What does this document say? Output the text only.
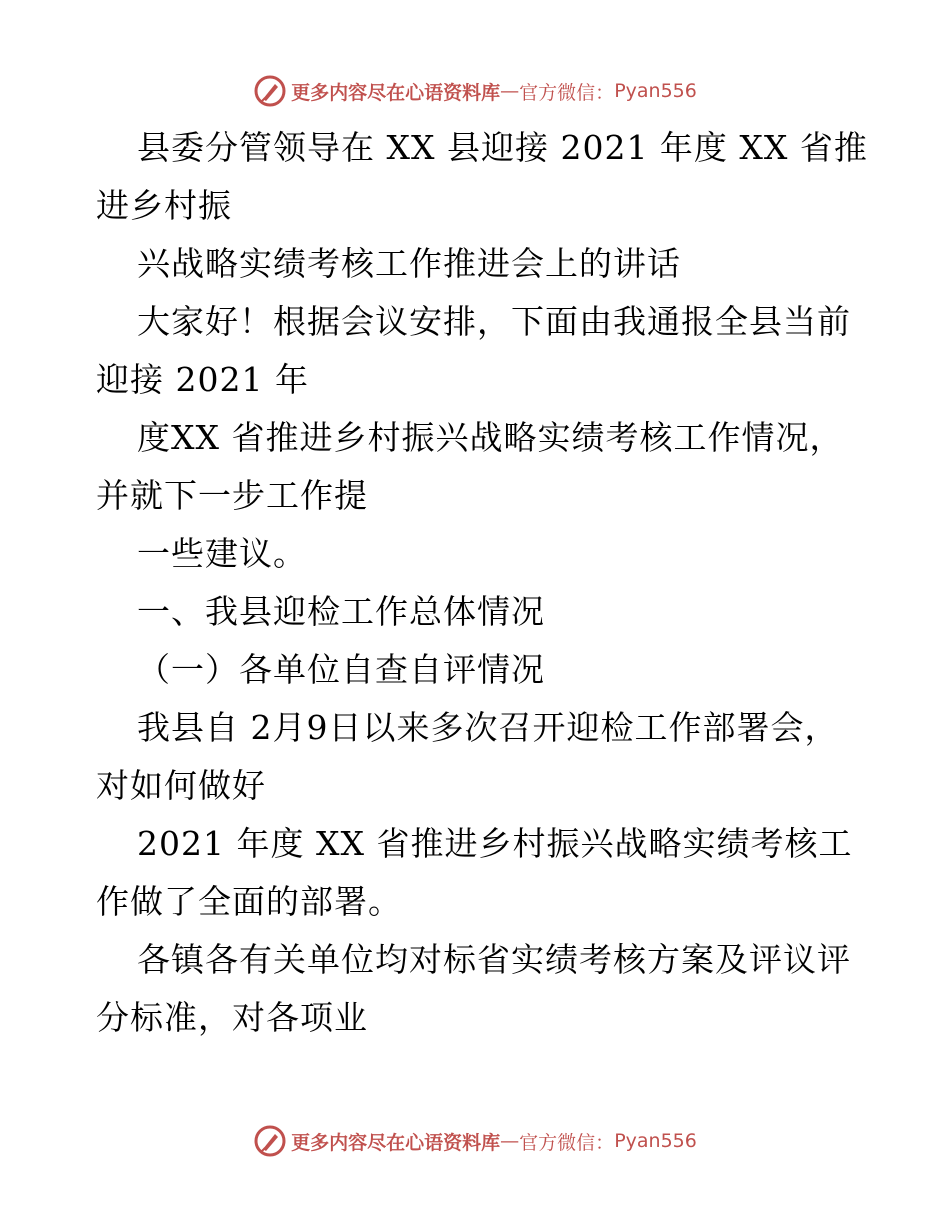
更多内容尽在心语资料库 — 官方微信： Pyan556
县委分管领导在 XX 县迎接 2021 年度 XX 省推
进乡村振
兴战略实绩考核工作推进会上的讲话
大家好！根据会议安排，下面由我通报全县当前
迎接 2021 年
度XX 省推进乡村振兴战略实绩考核工作情况，
并就下一步工作提
一些建议。
一、我县迎检工作总体情况
（一）各单位自查自评情况
我县自 2月9日以来多次召开迎检工作部署会，
对如何做好
2021 年度 XX 省推进乡村振兴战略实绩考核工
作做了全面的部署。
各镇各有关单位均对标省实绩考核方案及评议评
分标准，对各项业
更多内容尽在心语资料库 — 官方微信： Pyan556
